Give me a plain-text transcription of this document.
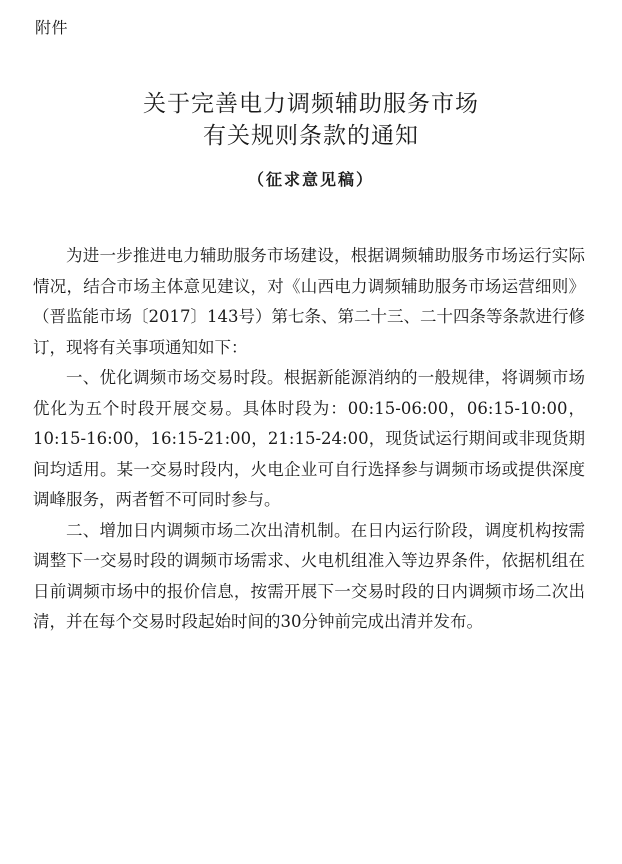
附件
关于完善电力调频辅助服务市场
有关规则条款的通知
（征求意见稿）

为进一步推进电力辅助服务市场建设，根据调频辅助服务市场运行实际情况，结合市场主体意见建议，对《山西电力调频辅助服务市场运营细则》（晋监能市场〔2017〕143号）第七条、第二十三、二十四条等条款进行修订，现将有关事项通知如下：

一、优化调频市场交易时段。根据新能源消纳的一般规律，将调频市场优化为五个时段开展交易。具体时段为：00:15-06:00，06:15-10:00，10:15-16:00，16:15-21:00，21:15-24:00，现货试运行期间或非现货期间均适用。某一交易时段内，火电企业可自行选择参与调频市场或提供深度调峰服务，两者暂不可同时参与。

二、增加日内调频市场二次出清机制。在日内运行阶段，调度机构按需调整下一交易时段的调频市场需求、火电机组准入等边界条件，依据机组在日前调频市场中的报价信息，按需开展下一交易时段的日内调频市场二次出清，并在每个交易时段起始时间的30分钟前完成出清并发布。
